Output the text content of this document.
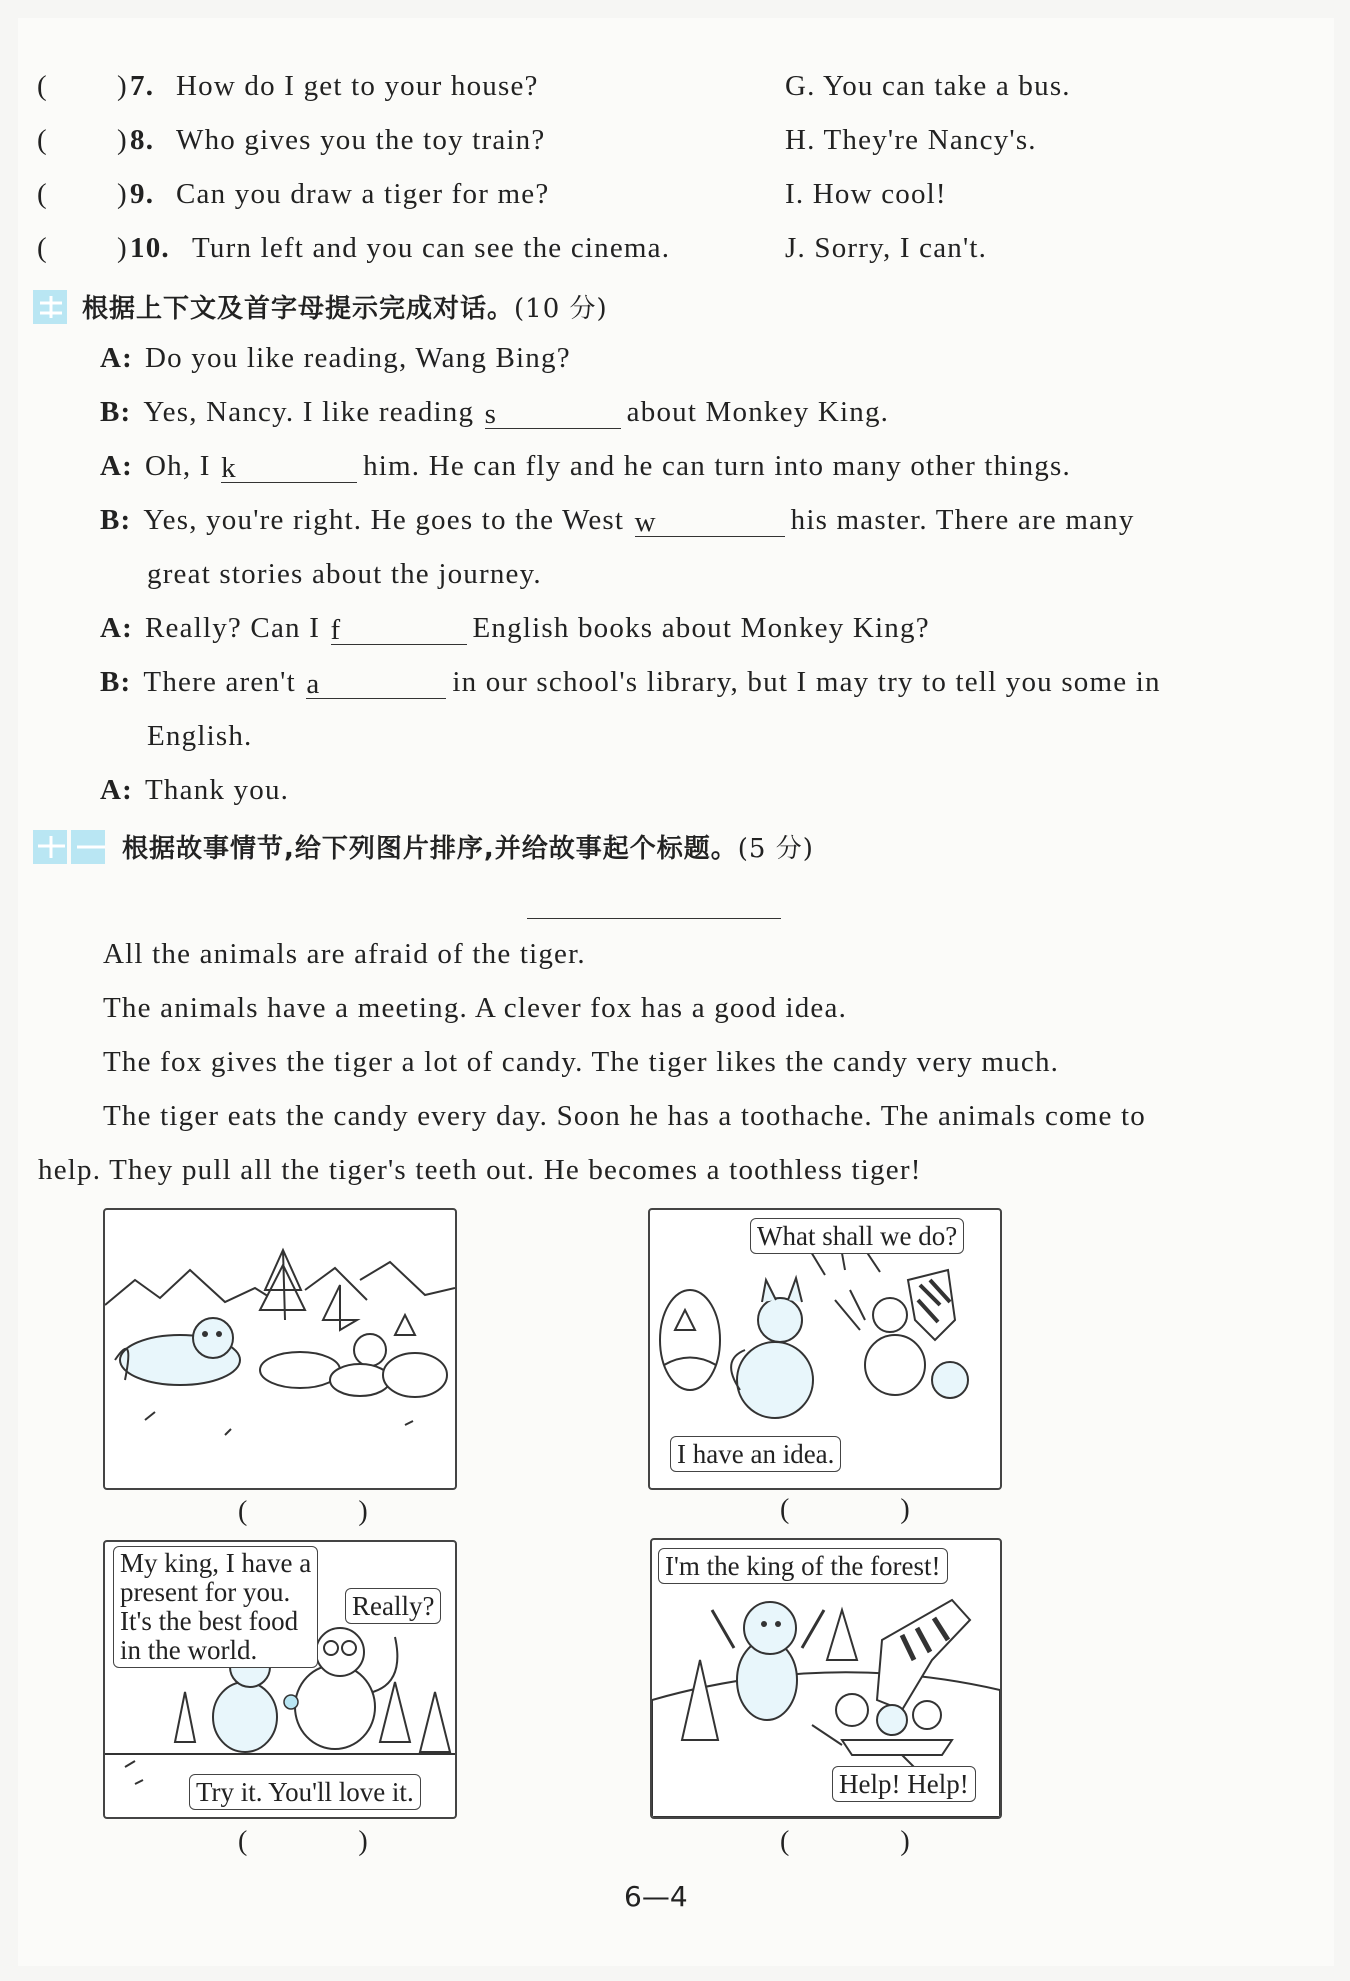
( ) 7. How do I get to your house?	G. You can take a bus.
( ) 8. Who gives you the toy train?	H. They're Nancy's.
( ) 9. Can you draw a tiger for me?	I. How cool!
( ) 10. Turn left and you can see the cinema.	J. Sorry, I can't.
根据上下文及首字母提示完成对话。(10 分)
A: Do you like reading, Wang Bing?
B: Yes, Nancy. I like reading s	about Monkey King.
A: Oh, I k	him. He can fly and he can turn into many other things.
B: Yes, you're right. He goes to the West w	his master. There are many
great stories about the journey.
A: Really? Can I f	English books about Monkey King?
B: There aren't a	in our school's library, but I may try to tell you some in
English.
A: Thank you.
根据故事情节,给下列图片排序,并给故事起个标题。(5 分)
All the animals are afraid of the tiger.
The animals have a meeting. A clever fox has a good idea.
The fox gives the tiger a lot of candy. The tiger likes the candy very much.
The tiger eats the candy every day. Soon he has a toothache. The animals come to
help. They pull all the tiger's teeth out. He becomes a toothless tiger!
( )
What shall we do?
I have an idea.
( )
My king, I have a
present for you.
It's the best food
in the world.
Really?
Try it. You'll love it.
( )
I'm the king of the forest!
Help! Help!
( )
6—4
